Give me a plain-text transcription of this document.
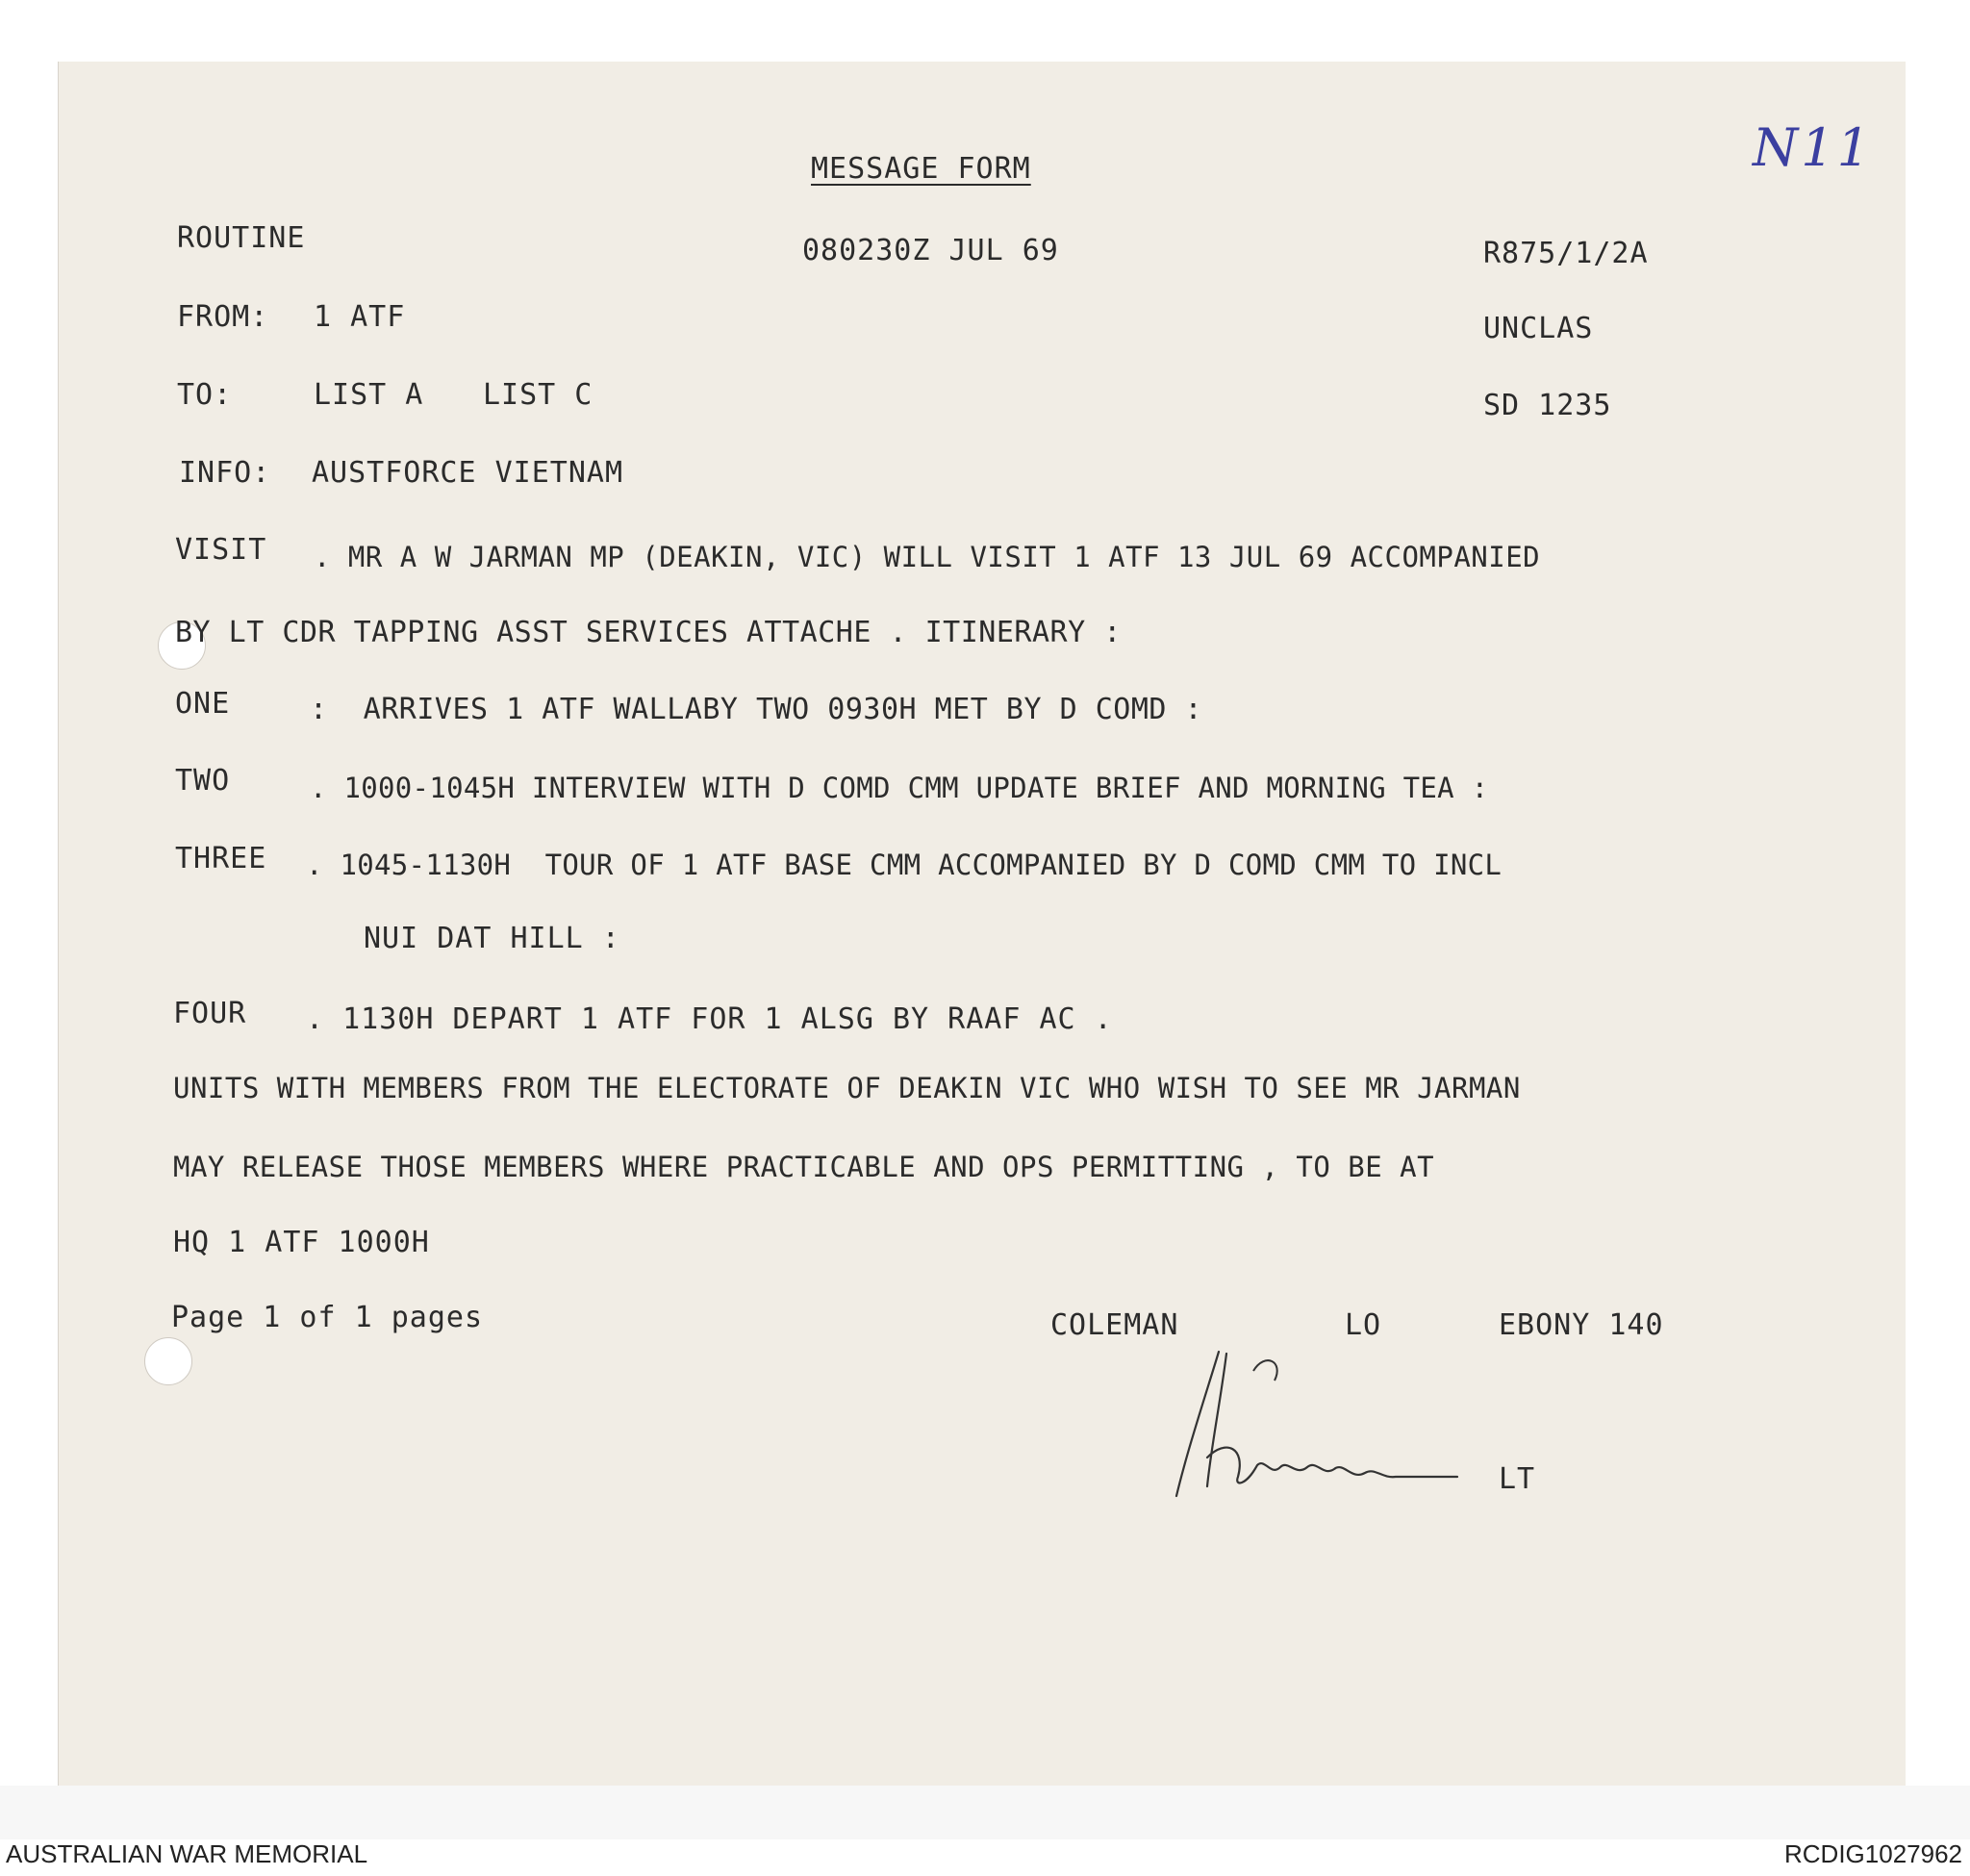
N11
MESSAGE FORM
ROUTINE	080230Z JUL 69	R875/1/2A
FROM: 1 ATF	UNCLAS
TO:	LIST A LIST C	SD 1235
INFO: AUSTFORCE VIETNAM
VISIT . MR A W JARMAN MP (DEAKIN, VIC) WILL VISIT 1 ATF 13 JUL 69 ACCOMPANIED
BY LT CDR TAPPING ASST SERVICES ATTACHE . ITINERARY :
ONE	:  ARRIVES 1 ATF WALLABY TWO 0930H MET BY D COMD :
TWO	. 1000-1045H INTERVIEW WITH D COMD CMM UPDATE BRIEF AND MORNING TEA :
THREE . 1045-1130H  TOUR OF 1 ATF BASE CMM ACCOMPANIED BY D COMD CMM TO INCL
NUI DAT HILL :
FOUR . 1130H DEPART 1 ATF FOR 1 ALSG BY RAAF AC .
UNITS WITH MEMBERS FROM THE ELECTORATE OF DEAKIN VIC WHO WISH TO SEE MR JARMAN
MAY RELEASE THOSE MEMBERS WHERE PRACTICABLE AND OPS PERMITTING , TO BE AT
HQ 1 ATF 1000H
Page 1 of 1 pages	COLEMAN	LO	EBONY 140
LT
AUSTRALIAN WAR MEMORIAL	RCDIG1027962
